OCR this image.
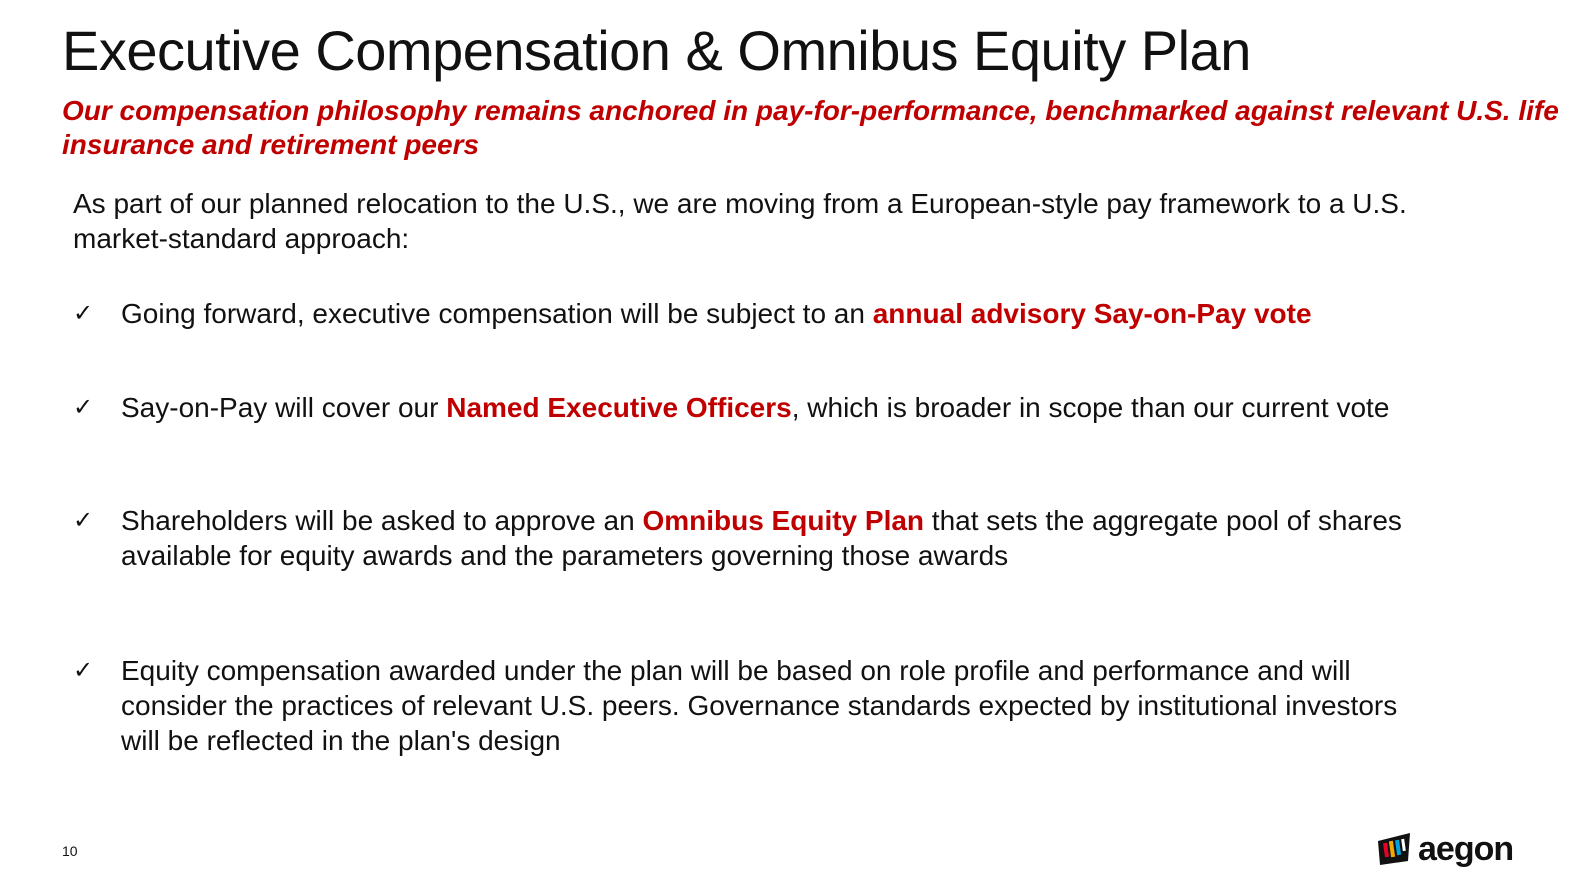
Executive Compensation & Omnibus Equity Plan
Our compensation philosophy remains anchored in pay-for-performance, benchmarked against relevant U.S. life insurance and retirement peers
As part of our planned relocation to the U.S., we are moving from a European-style pay framework to a U.S. market-standard approach:
✓ Going forward, executive compensation will be subject to an annual advisory Say-on-Pay vote
✓ Say-on-Pay will cover our Named Executive Officers, which is broader in scope than our current vote
✓ Shareholders will be asked to approve an Omnibus Equity Plan that sets the aggregate pool of shares available for equity awards and the parameters governing those awards
✓ Equity compensation awarded under the plan will be based on role profile and performance and will consider the practices of relevant U.S. peers. Governance standards expected by institutional investors will be reflected in the plan's design
10	aegon
